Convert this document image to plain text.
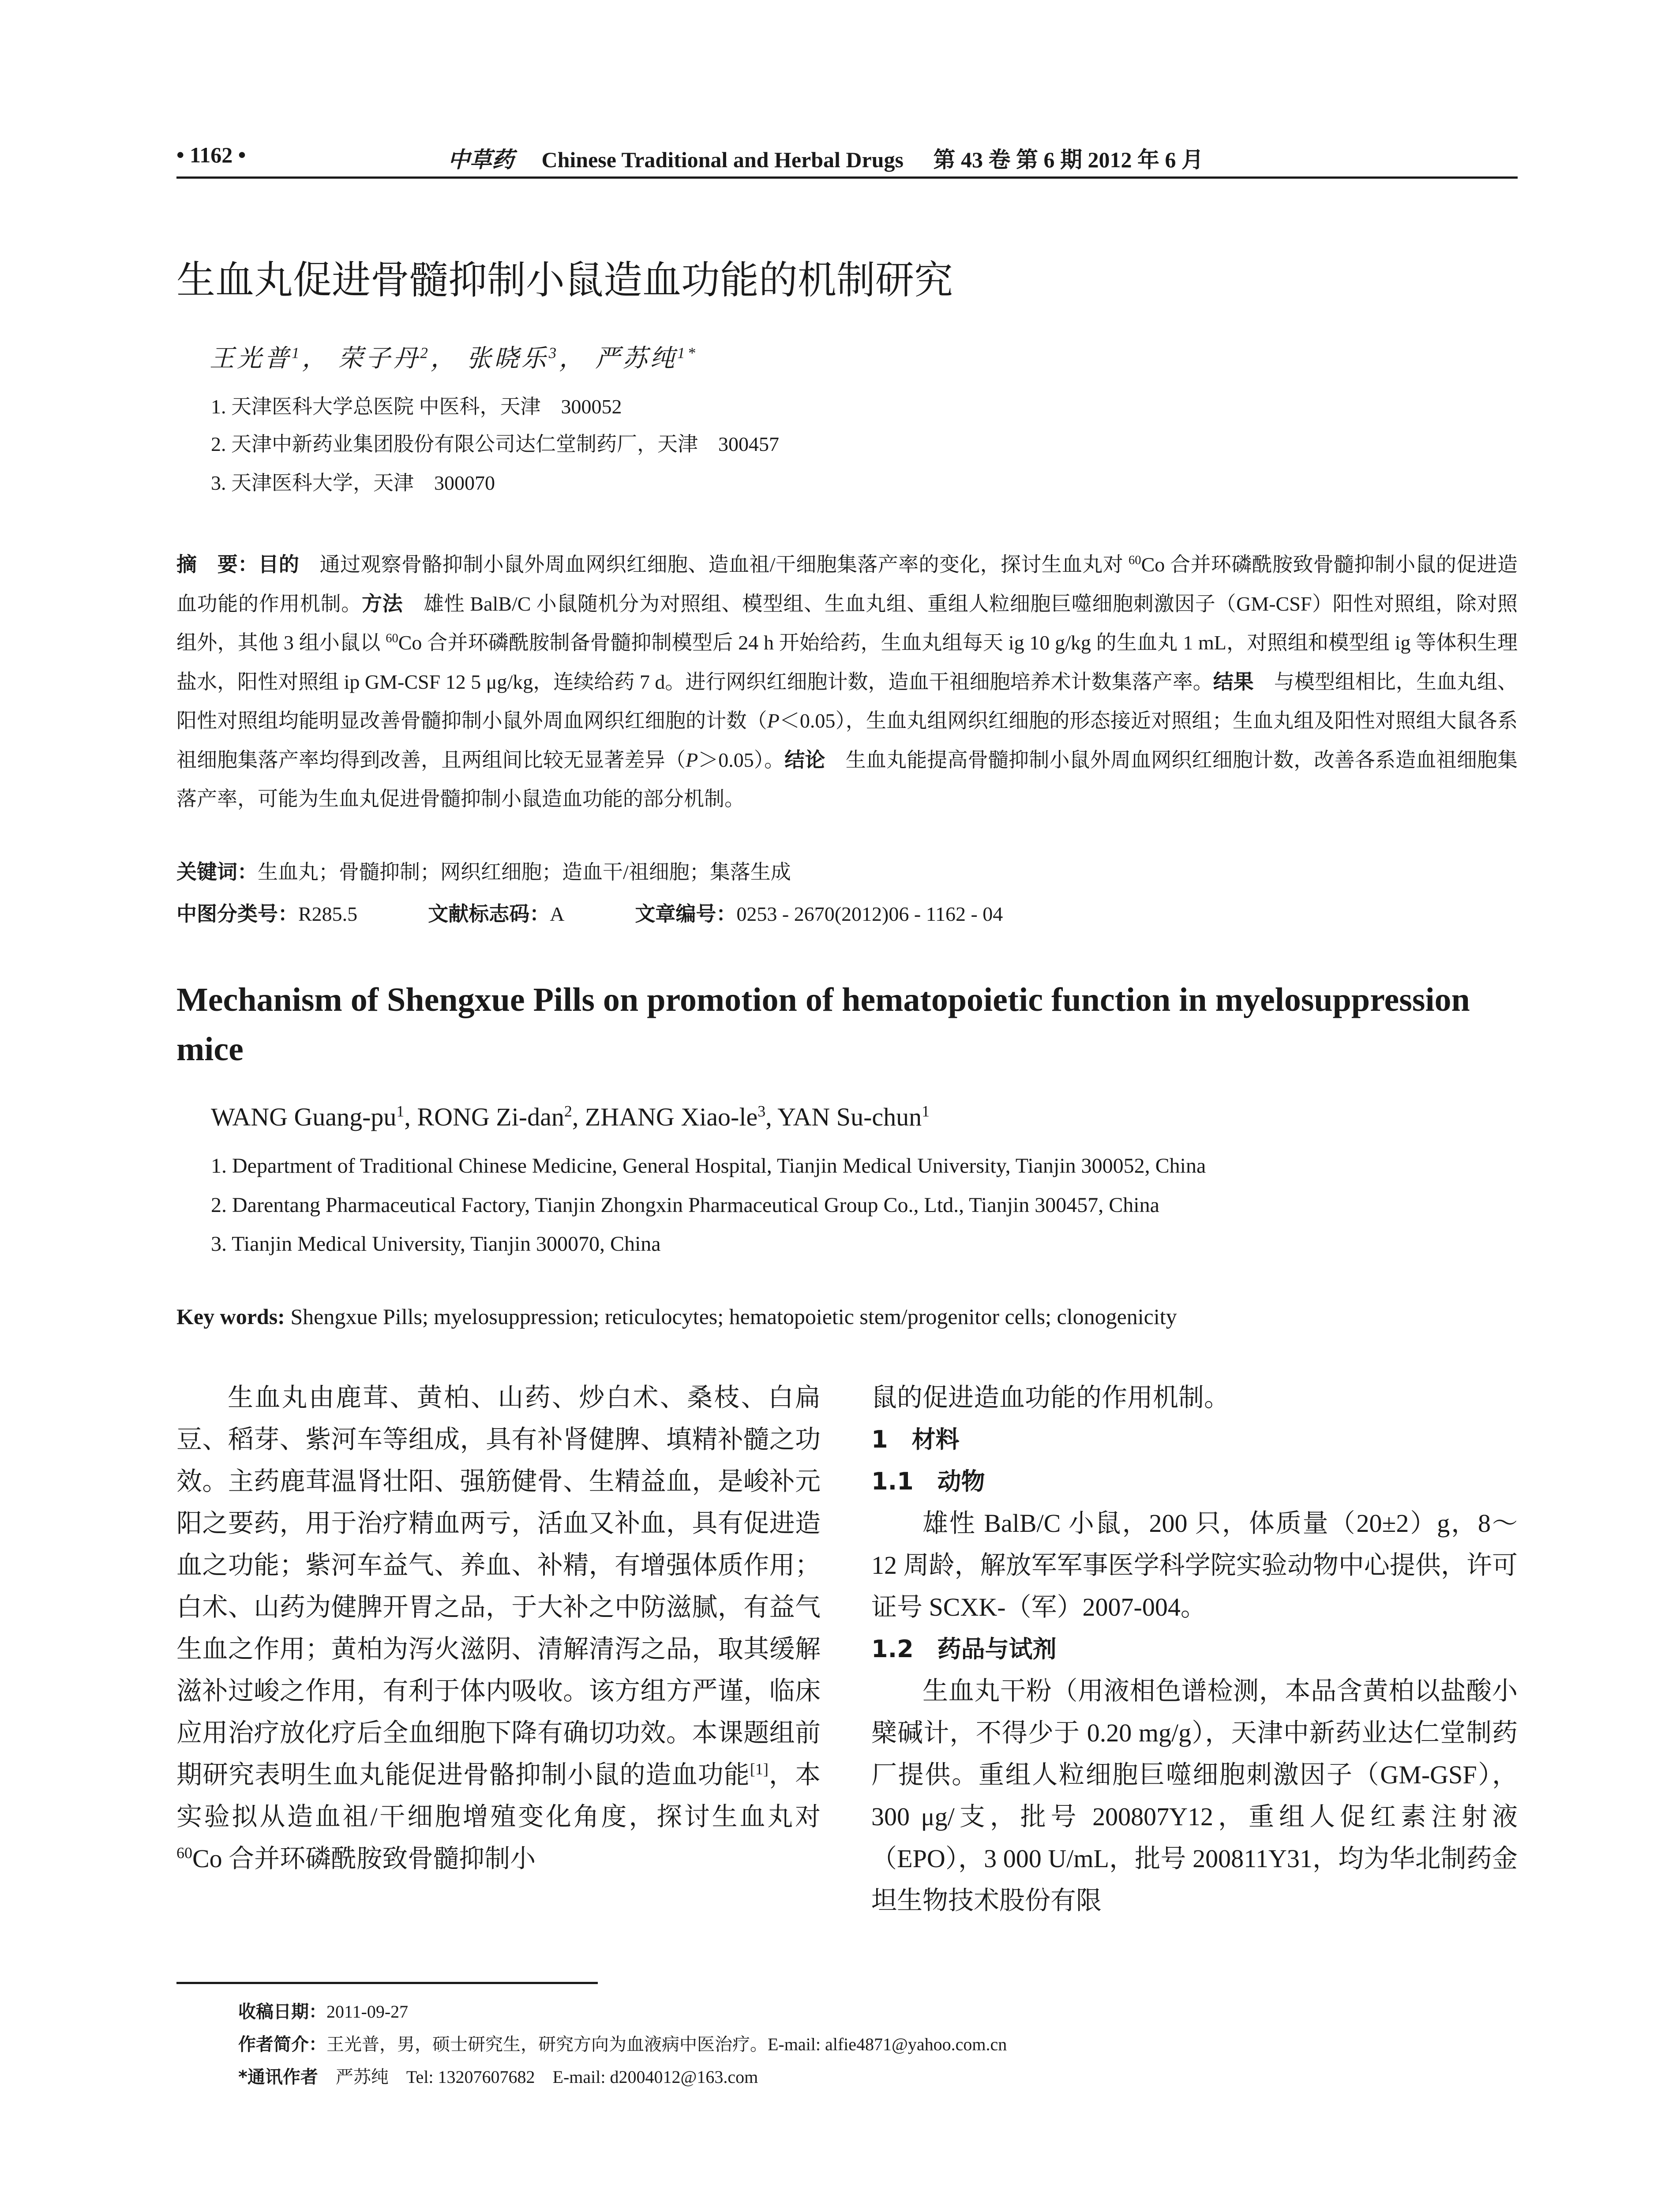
• 1162 •	中草药 Chinese Traditional and Herbal Drugs 第 43 卷 第 6 期 2012 年 6 月
生血丸促进骨髓抑制小鼠造血功能的机制研究
王光普$^1$， 荣子丹$^2$， 张晓乐$^3$， 严苏纯$^{1*}$
1. 天津医科大学总医院 中医科，天津　300052
2. 天津中新药业集团股份有限公司达仁堂制药厂，天津　300457
3. 天津医科大学，天津　300070
摘　要：目的　通过观察骨骼抑制小鼠外周血网织红细胞、造血祖/干细胞集落产率的变化，探讨生血丸对 $^{60}$Co 合并环磷酰胺致骨髓抑制小鼠的促进造血功能的作用机制。方法　雄性 BalB/C 小鼠随机分为对照组、模型组、生血丸组、重组人粒细胞巨噬细胞刺激因子（GM-CSF）阳性对照组，除对照组外，其他 3 组小鼠以 $^{60}$Co 合并环磷酰胺制备骨髓抑制模型后 24 h 开始给药，生血丸组每天 ig 10 g/kg 的生血丸 1 mL，对照组和模型组 ig 等体积生理盐水，阳性对照组 ip GM-CSF 12 5 μg/kg，连续给药 7 d。进行网织红细胞计数，造血干祖细胞培养术计数集落产率。结果　与模型组相比，生血丸组、阳性对照组均能明显改善骨髓抑制小鼠外周血网织红细胞的计数（P＜0.05），生血丸组网织红细胞的形态接近对照组；生血丸组及阳性对照组大鼠各系祖细胞集落产率均得到改善，且两组间比较无显著差异（P＞0.05）。结论　生血丸能提高骨髓抑制小鼠外周血网织红细胞计数，改善各系造血祖细胞集落产率，可能为生血丸促进骨髓抑制小鼠造血功能的部分机制。
关键词：生血丸；骨髓抑制；网织红细胞；造血干/祖细胞；集落生成
中图分类号：R285.5	文献标志码：A	文章编号：0253 - 2670(2012)06 - 1162 - 04
Mechanism of Shengxue Pills on promotion of hematopoietic function in myelosuppression mice
WANG Guang-$pu^1$, RONG Zi-dan$^2$, ZHANG Xiao-$le^3$, YAN Su-chun$^1$
1. Department of Traditional Chinese Medicine, General Hospital, Tianjin Medical University, Tianjin 300052, China
2. Darentang Pharmaceutical Factory, Tianjin Zhongxin Pharmaceutical Group Co., Ltd., Tianjin 300457, China
3. Tianjin Medical University, Tianjin 300070, China
Key words: Shengxue Pills; myelosuppression; reticulocytes; hematopoietic stem/progenitor cells; clonogenicity

生血丸由鹿茸、黄柏、山药、炒白术、桑枝、白扁豆、稻芽、紫河车等组成，具有补肾健脾、填精补髓之功效。主药鹿茸温肾壮阳、强筋健骨、生精益血，是峻补元阳之要药，用于治疗精血两亏，活血又补血，具有促进造血之功能；紫河车益气、养血、补精，有增强体质作用；白术、山药为健脾开胃之品，于大补之中防滋腻，有益气生血之作用；黄柏为泻火滋阴、清解清泻之品，取其缓解滋补过峻之作用，有利于体内吸收。该方组方严谨，临床应用治疗放化疗后全血细胞下降有确切功效。本课题组前期研究表明生血丸能促进骨骼抑制小鼠的造血功能[1]，本实验拟从造血祖/干细胞增殖变化角度，探讨生血丸对 $^{60}$Co 合并环磷酰胺致骨髓抑制小

鼠的促进造血功能的作用机制。

1　材料

1.1　动物

雄性 BalB/C 小鼠，200 只，体质量（20±2）g，8～12 周龄，解放军军事医学科学院实验动物中心提供，许可证号 SCXK-（军）2007-004。

1.2　药品与试剂

生血丸干粉（用液相色谱检测，本品含黄柏以盐酸小檗碱计，不得少于 0.20 mg/g），天津中新药业达仁堂制药厂提供。重组人粒细胞巨噬细胞刺激因子（GM-GSF），300 μg/支，批号 200807Y12，重组人促红素注射液（EPO），3 000 U/mL，批号 200811Y31，均为华北制药金坦生物技术股份有限

收稿日期：2011-09-27
作者简介：王光普，男，硕士研究生，研究方向为血液病中医治疗。E-mail: alfie4871@yahoo.com.cn
*通讯作者　严苏纯　Tel: 13207607682　E-mail: d2004012@163.com
